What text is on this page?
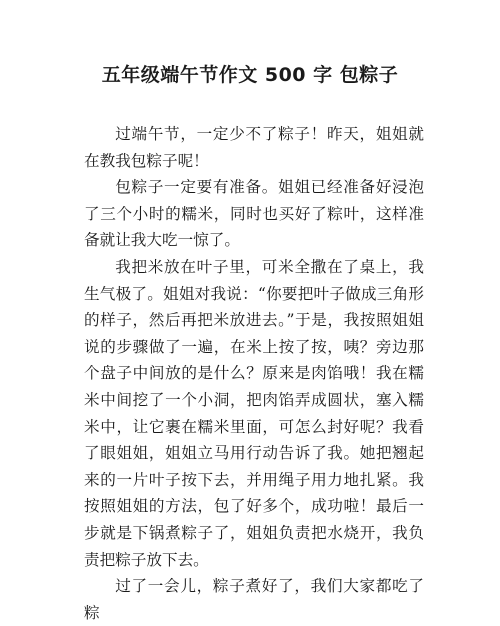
五年级端午节作文 500 字 包粽子

过端午节，一定少不了粽子！昨天，姐姐就在教我包粽子呢！

包粽子一定要有准备。姐姐已经准备好浸泡了三个小时的糯米，同时也买好了粽叶，这样准备就让我大吃一惊了。

我把米放在叶子里，可米全撒在了桌上，我生气极了。姐姐对我说：“你要把叶子做成三角形的样子，然后再把米放进去。”于是，我按照姐姐说的步骤做了一遍，在米上按了按，咦？旁边那个盘子中间放的是什么？原来是肉馅哦！我在糯米中间挖了一个小洞，把肉馅弄成圆状，塞入糯米中，让它裹在糯米里面，可怎么封好呢？我看了眼姐姐，姐姐立马用行动告诉了我。她把翘起来的一片叶子按下去，并用绳子用力地扎紧。我按照姐姐的方法，包了好多个，成功啦！最后一步就是下锅煮粽子了，姐姐负责把水烧开，我负责把粽子放下去。

过了一会儿，粽子煮好了，我们大家都吃了粽
